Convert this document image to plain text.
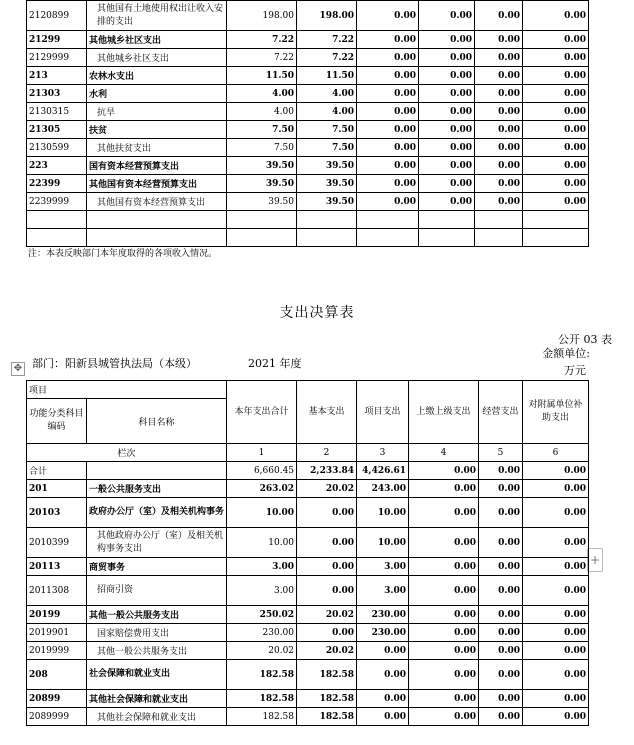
2120899	其他国有土地使用权出让收入安排的支出	198.00	198.00	0.00	0.00	0.00	0.00
21299	其他城乡社区支出	7.22	7.22	0.00	0.00	0.00	0.00
2129999	其他城乡社区支出	7.22	7.22	0.00	0.00	0.00	0.00
213	农林水支出	11.50	11.50	0.00	0.00	0.00	0.00
21303	水利	4.00	4.00	0.00	0.00	0.00	0.00
2130315	抗旱	4.00	4.00	0.00	0.00	0.00	0.00
21305	扶贫	7.50	7.50	0.00	0.00	0.00	0.00
2130599	其他扶贫支出	7.50	7.50	0.00	0.00	0.00	0.00
223	国有资本经营预算支出	39.50	39.50	0.00	0.00	0.00	0.00
22399	其他国有资本经营预算支出	39.50	39.50	0.00	0.00	0.00	0.00
2239999	其他国有资本经营预算支出	39.50	39.50	0.00	0.00	0.00	0.00

注：本表反映部门本年度取得的各项收入情况。
支出决算表
公开 03 表
金额单位:
万元
部门：阳新县城管执法局（本级）	2021 年度
✥
+
项目		本年支出合计	基本支出	项目支出	上缴上级支出	经营支出	对附属单位补助支出
功能分类科目编码	科目名称						
栏次		1	2	3	4	5	6
合计		6,660.45	2,233.84	4,426.61	0.00	0.00	0.00
201	一般公共服务支出	263.02	20.02	243.00	0.00	0.00	0.00
20103	政府办公厅（室）及相关机构事务	10.00	0.00	10.00	0.00	0.00	0.00
2010399	其他政府办公厅（室）及相关机构事务支出	10.00	0.00	10.00	0.00	0.00	0.00
20113	商贸事务	3.00	0.00	3.00	0.00	0.00	0.00
2011308	招商引资	3.00	0.00	3.00	0.00	0.00	0.00
20199	其他一般公共服务支出	250.02	20.02	230.00	0.00	0.00	0.00
2019901	国家赔偿费用支出	230.00	0.00	230.00	0.00	0.00	0.00
2019999	其他一般公共服务支出	20.02	20.02	0.00	0.00	0.00	0.00
208	社会保障和就业支出	182.58	182.58	0.00	0.00	0.00	0.00
20899	其他社会保障和就业支出	182.58	182.58	0.00	0.00	0.00	0.00
2089999	其他社会保障和就业支出	182.58	182.58	0.00	0.00	0.00	0.00
